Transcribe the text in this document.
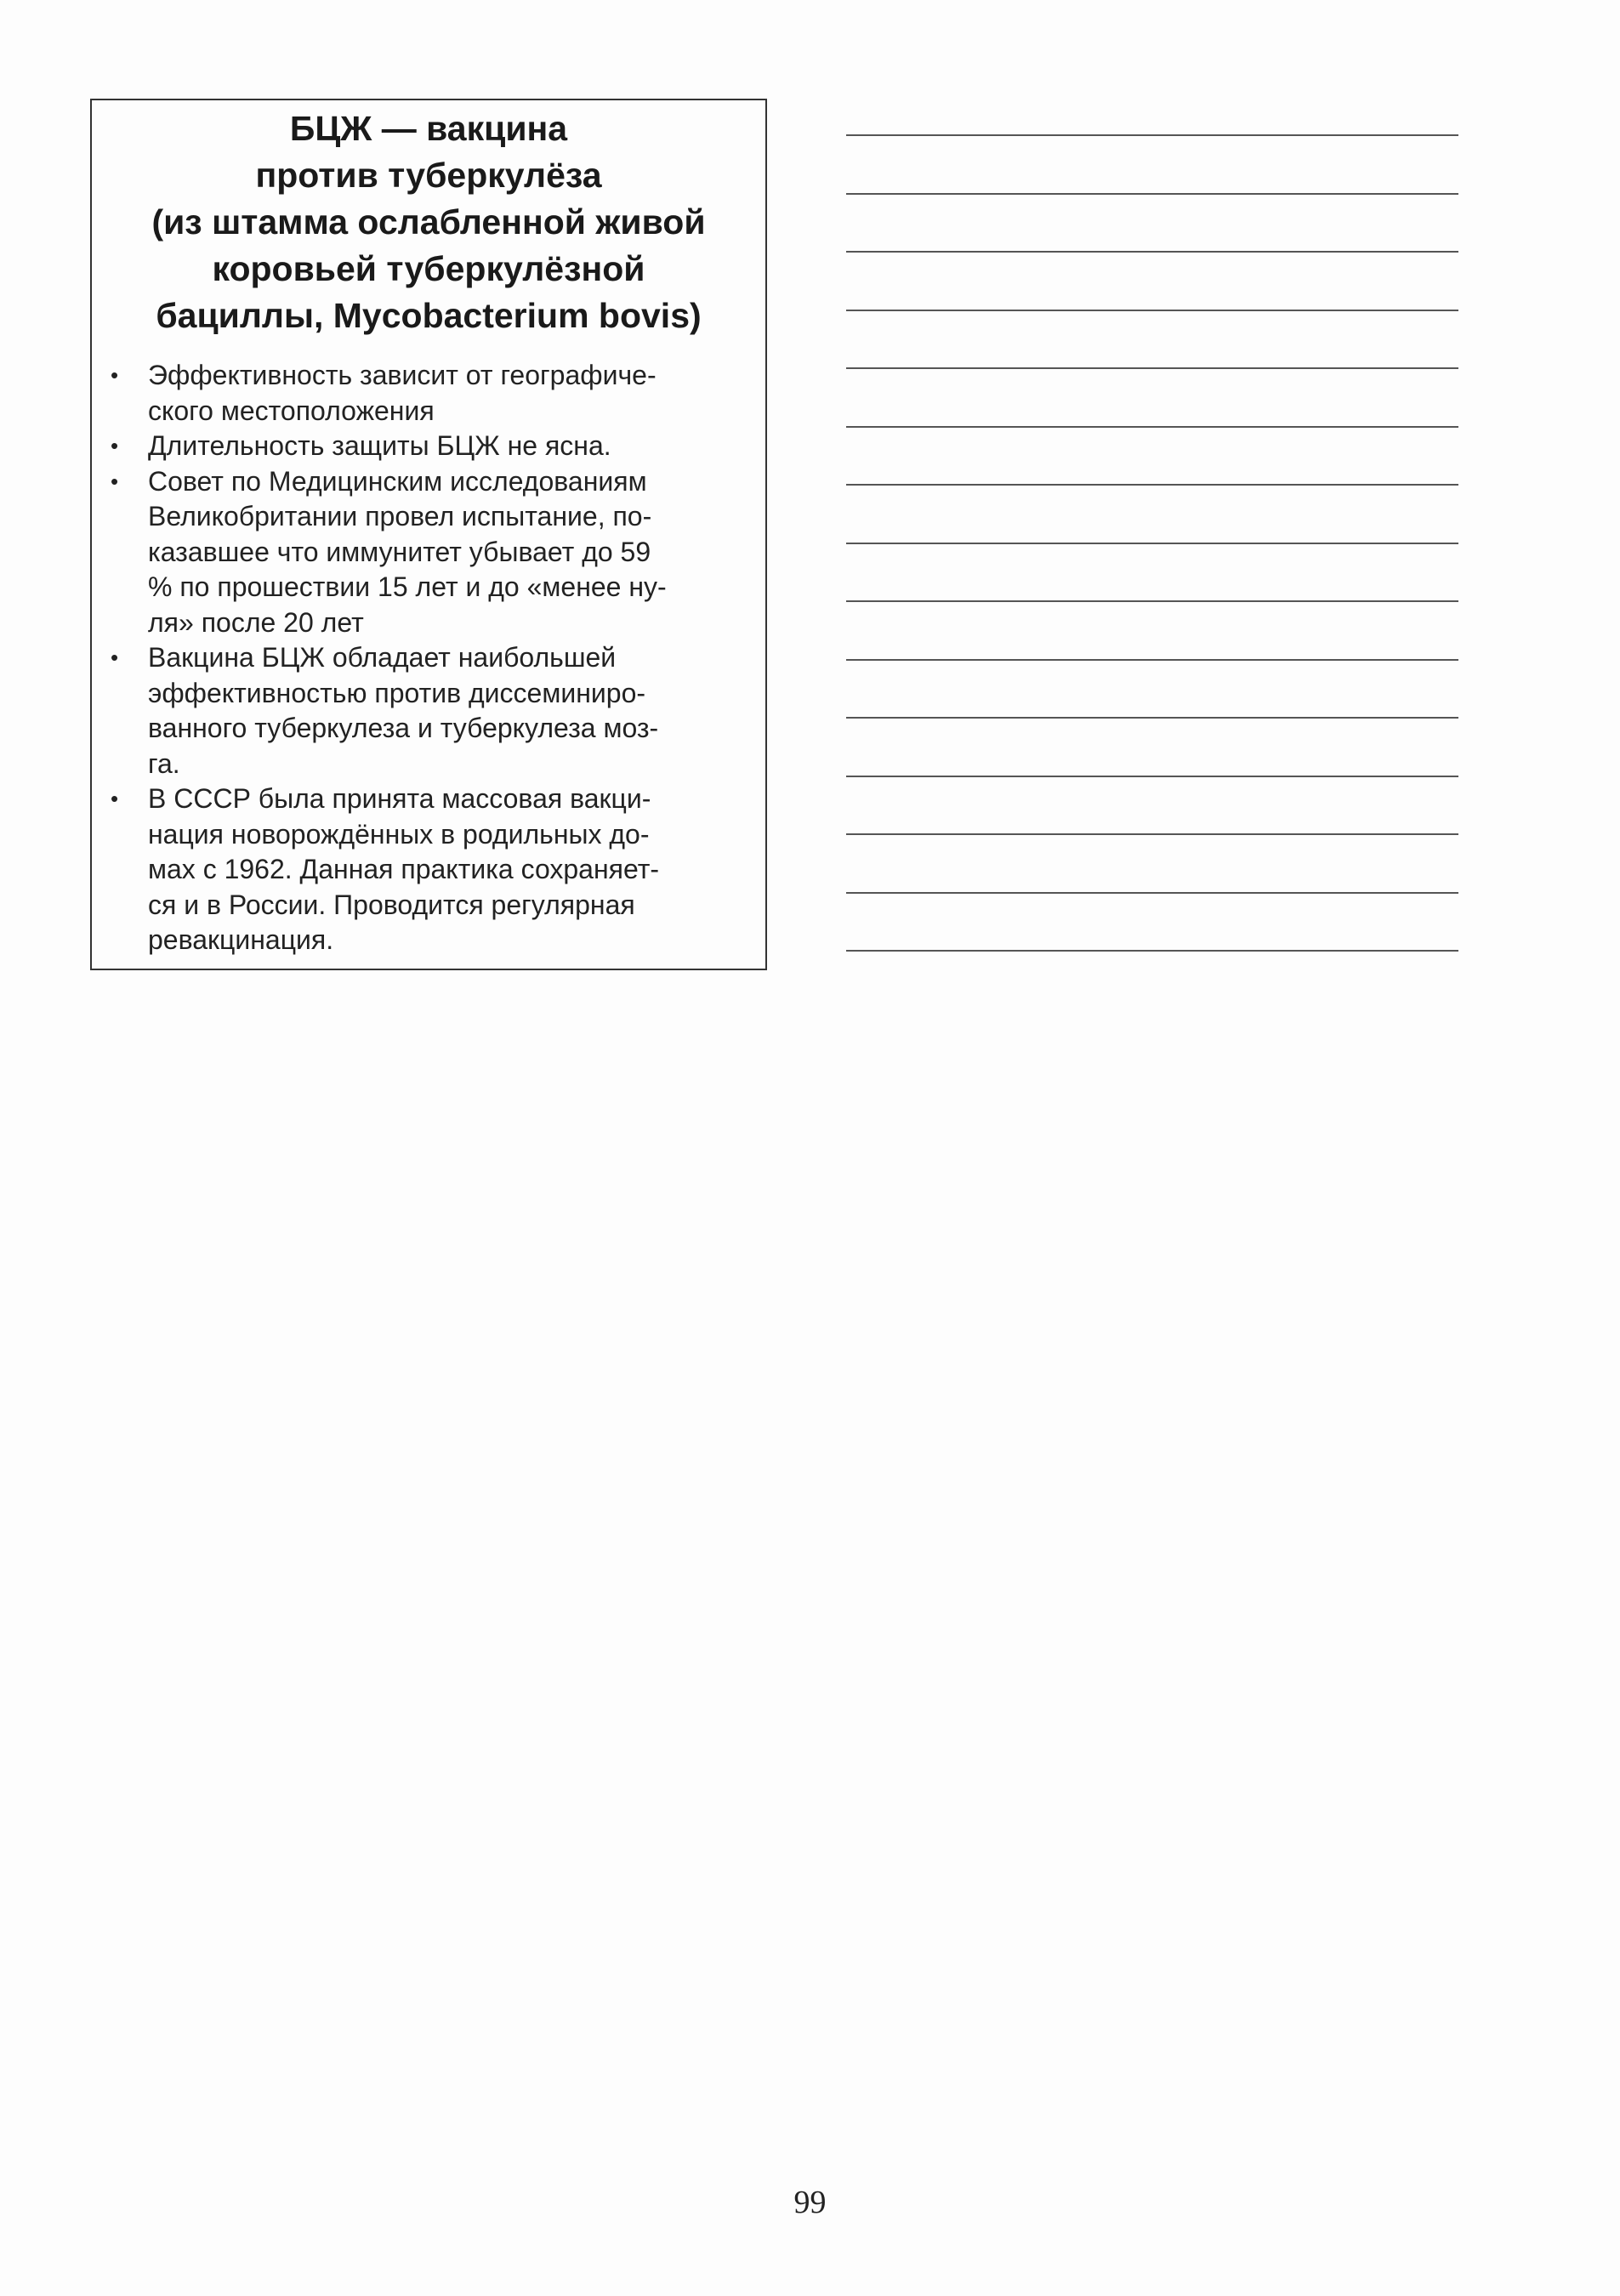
БЦЖ — вакцина
против туберкулёза
(из штамма ослабленной живой
коровьей туберкулёзной
бациллы, Mycobacterium bovis)
• Эффективность зависит от географиче-
ского местоположения
• Длительность защиты БЦЖ не ясна.
• Совет по Медицинским исследованиям
Великобритании провел испытание, по-
казавшее что иммунитет убывает до 59
% по прошествии 15 лет и до «менее ну-
ля» после 20 лет
• Вакцина БЦЖ обладает наибольшей
эффективностью против диссеминиро-
ванного туберкулеза и туберкулеза моз-
га.
• В СССР была принята массовая вакци-
нация новорождённых в родильных до-
мах с 1962. Данная практика сохраняет-
ся и в России. Проводится регулярная
ревакцинация.
99
